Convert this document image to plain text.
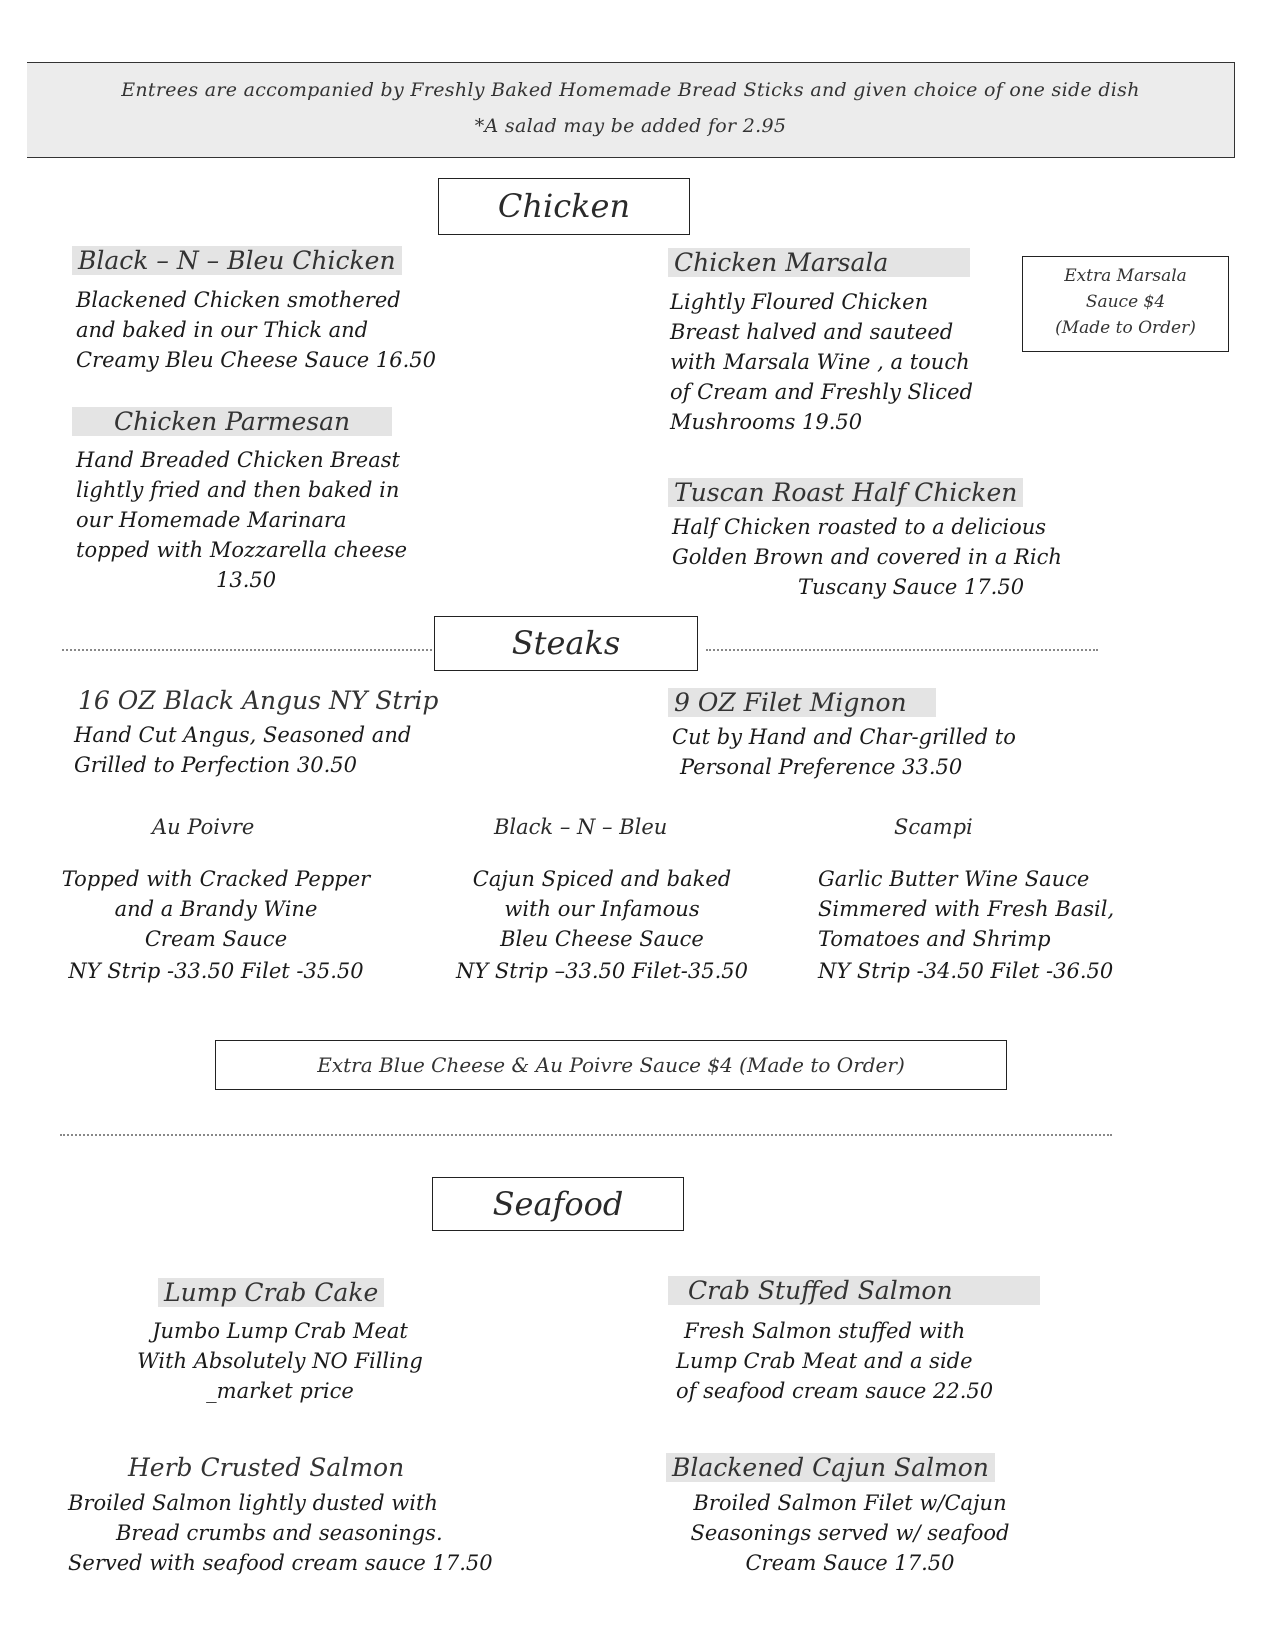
Entrees are accompanied by Freshly Baked Homemade Bread Sticks and given choice of one side dish

*A salad may be added for 2.95

Chicken
Black – N – Bleu Chicken
Blackened Chicken smothered
and baked in our Thick and
Creamy Bleu Cheese Sauce 16.50
Chicken Parmesan
Hand Breaded Chicken Breast
lightly fried and then baked in
our Homemade Marinara
topped with Mozzarella cheese
13.50
Chicken Marsala
Lightly Floured Chicken
Breast halved and sauteed
with Marsala Wine , a touch
of Cream and Freshly Sliced
Mushrooms 19.50
Extra Marsala
Sauce $4
(Made to Order)
Tuscan Roast Half Chicken
Half Chicken roasted to a delicious
Golden Brown and covered in a Rich
Tuscany Sauce 17.50
Steaks
16 OZ Black Angus NY Strip
Hand Cut Angus, Seasoned and
Grilled to Perfection 30.50
9 OZ Filet Mignon
Cut by Hand and Char-grilled to
Personal Preference 33.50
Au Poivre
Topped with Cracked Pepper
and a Brandy Wine
Cream Sauce
NY Strip -33.50 Filet -35.50
Black – N – Bleu
Cajun Spiced and baked
with our Infamous
Bleu Cheese Sauce
NY Strip –33.50 Filet-35.50
Scampi
Garlic Butter Wine Sauce
Simmered with Fresh Basil,
Tomatoes and Shrimp
NY Strip -34.50 Filet -36.50
Extra Blue Cheese & Au Poivre Sauce $4 (Made to Order)
Seafood
Lump Crab Cake
Jumbo Lump Crab Meat
With Absolutely NO Filling
_market price
Crab Stuffed Salmon
Fresh Salmon stuffed with
Lump Crab Meat and a side
of seafood cream sauce 22.50
Herb Crusted Salmon
Broiled Salmon lightly dusted with
Bread crumbs and seasonings.
Served with seafood cream sauce 17.50
Blackened Cajun Salmon
Broiled Salmon Filet w/Cajun
Seasonings served w/ seafood
Cream Sauce 17.50
